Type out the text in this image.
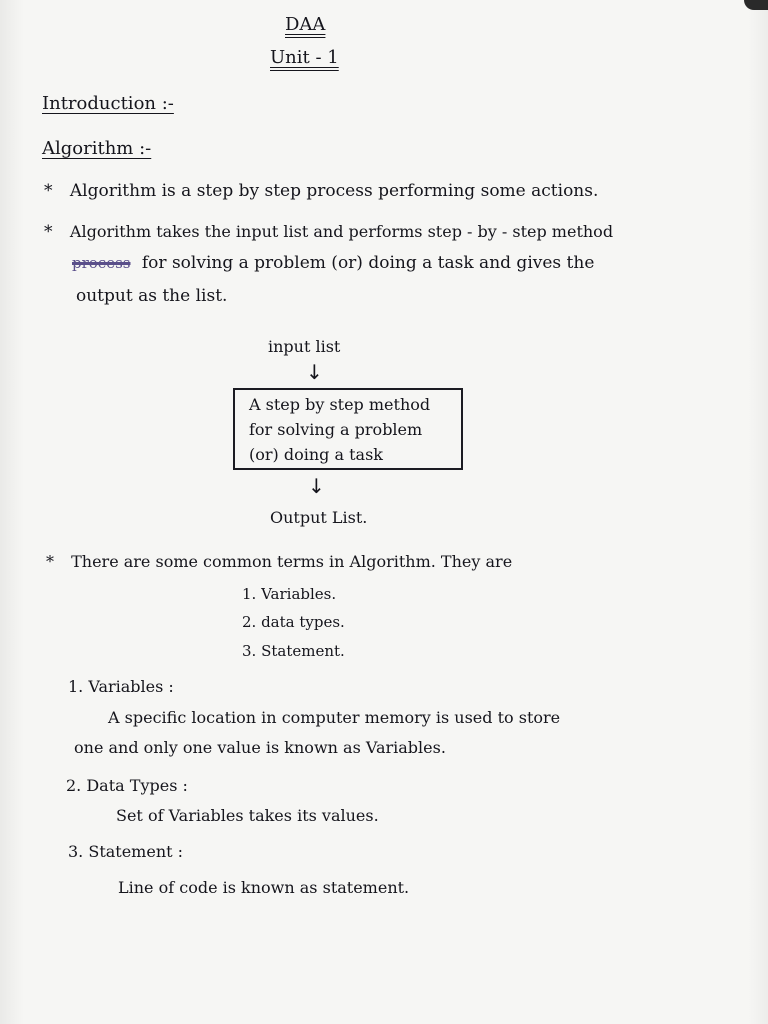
DAA
Unit - 1
Introduction :-
Algorithm :-
* Algorithm is a step by step process performing some actions.
* Algorithm takes the input list and performs step - by - step method
process for solving a problem (or) doing a task and gives the
output as the list.
input list
↓
A step by step method
for solving a problem
(or) doing a task
↓
Output List.
* There are some common terms in Algorithm. They are
1. Variables.
2. data types.
3. Statement.
1. Variables :
A specific location in computer memory is used to store
one and only one value is known as Variables.
2. Data Types :
Set of Variables takes its values.
3. Statement :
Line of code is known as statement.
